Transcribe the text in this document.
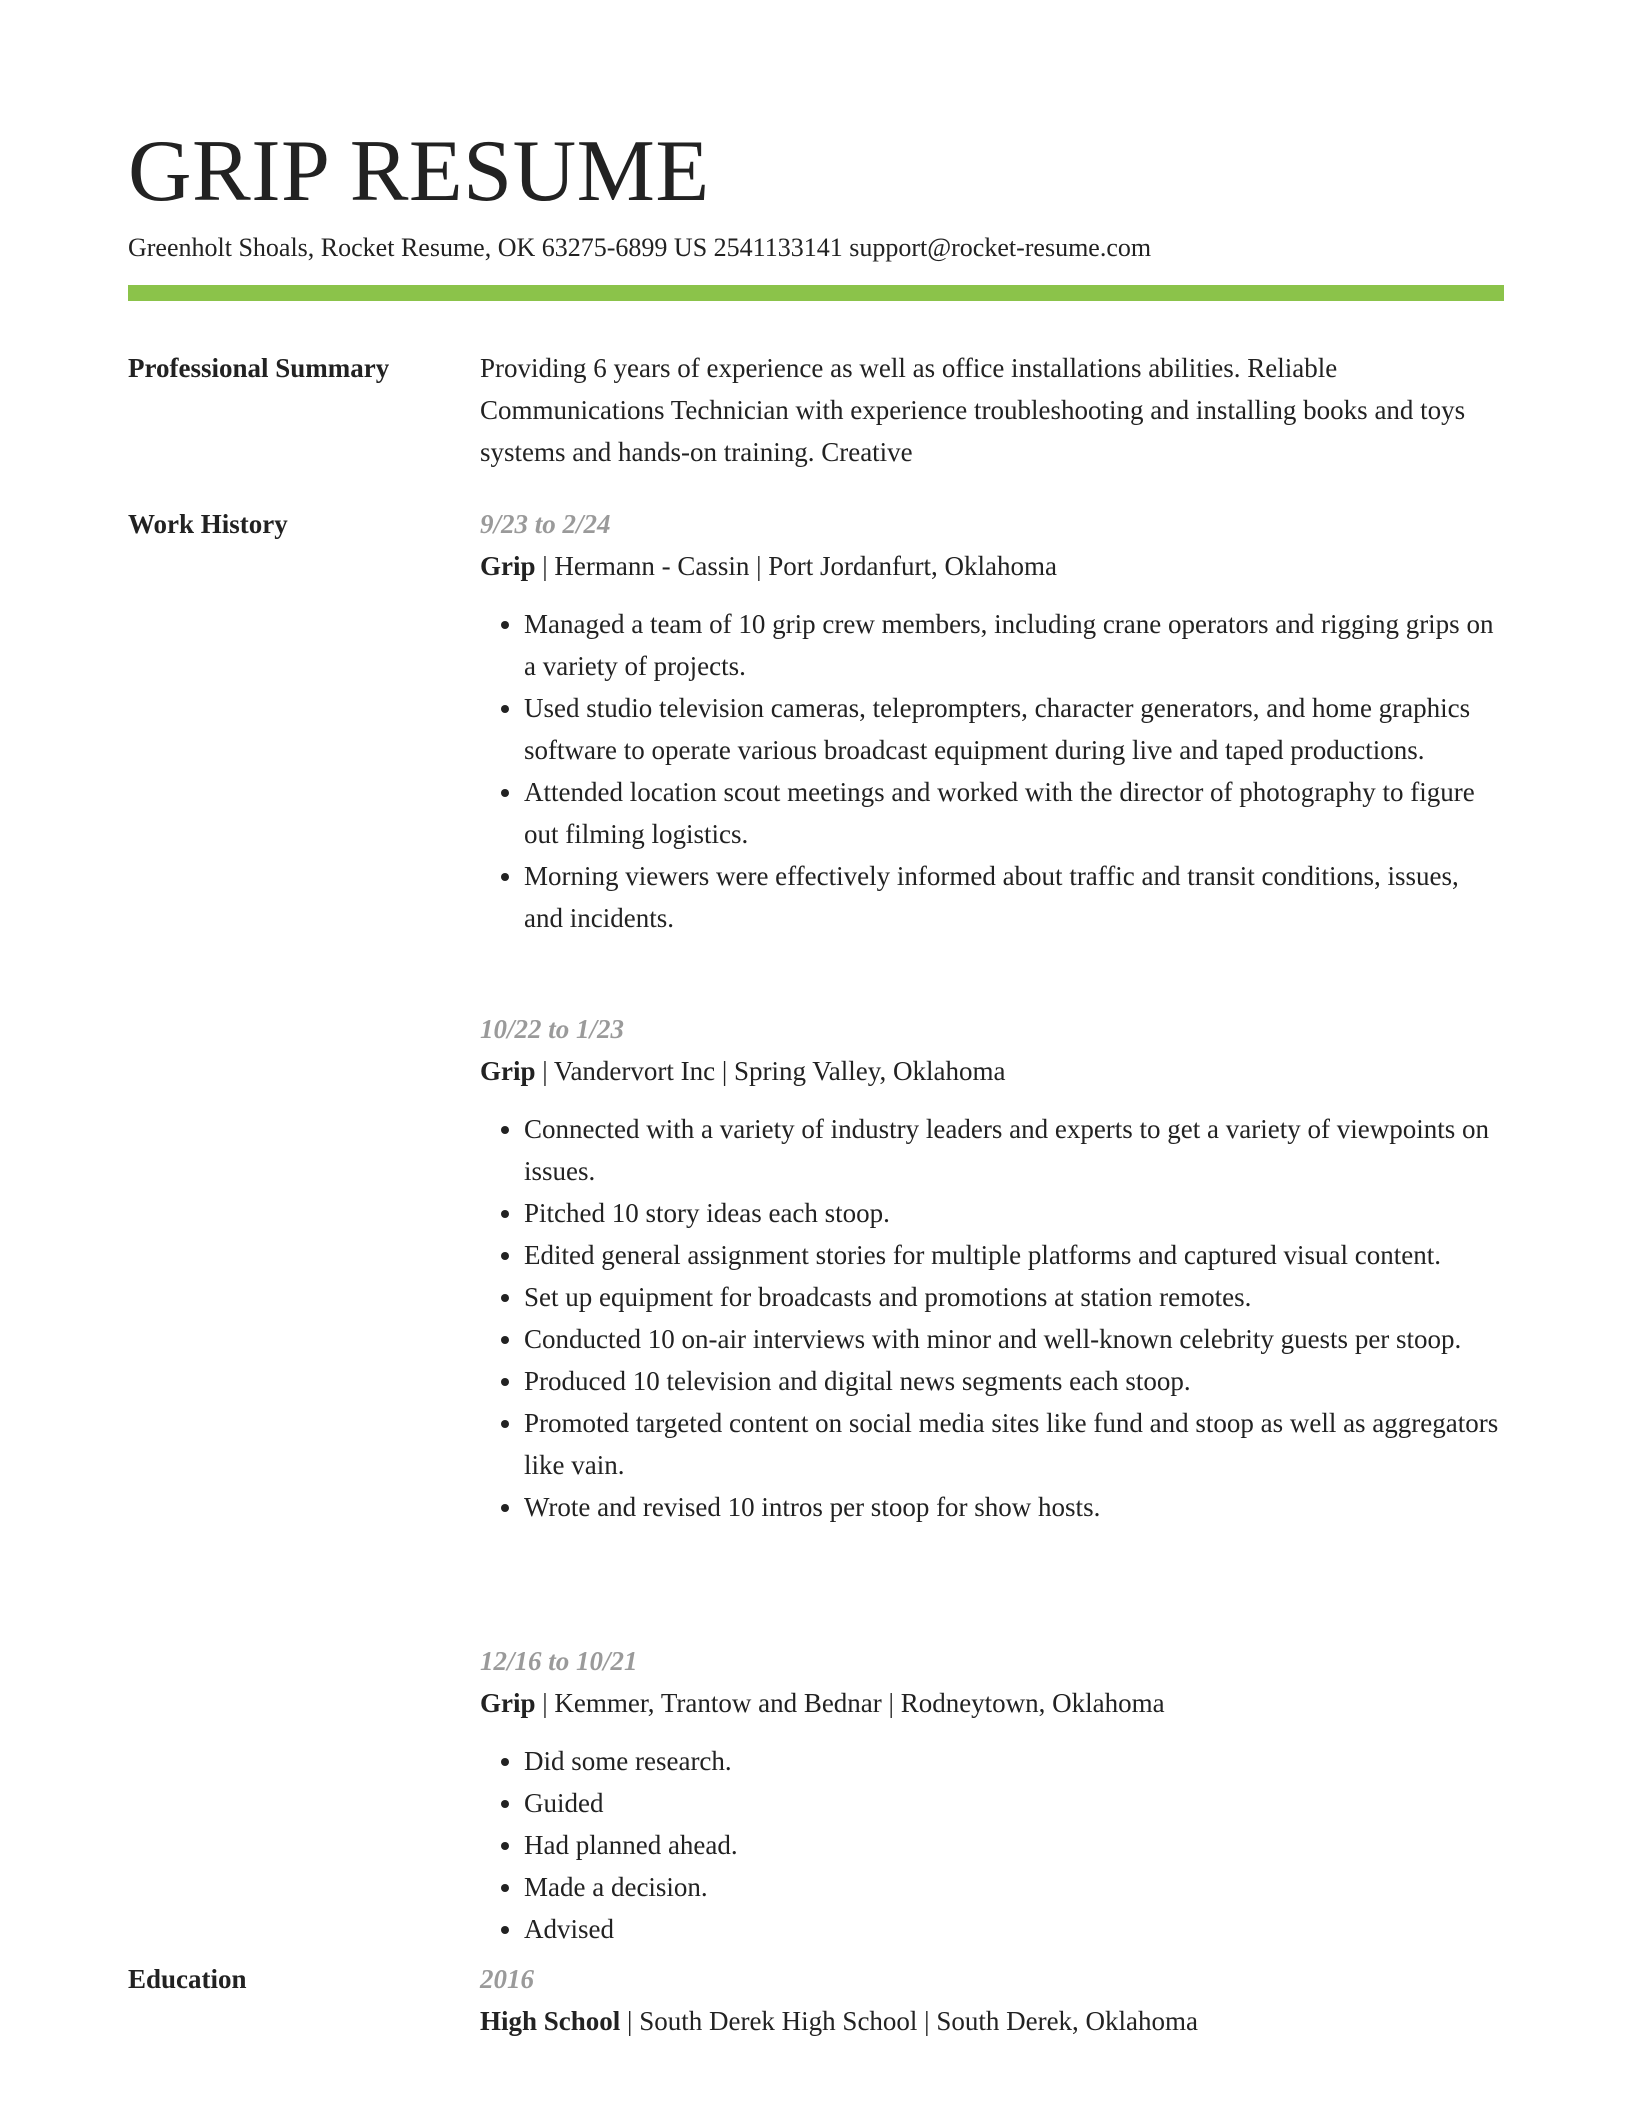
GRIP RESUME
Greenholt Shoals, Rocket Resume, OK 63275-6899 US 2541133141 support@rocket-resume.com
Professional Summary	Providing 6 years of experience as well as office installations abilities. Reliable Communications Technician with experience troubleshooting and installing books and toys systems and hands-on training. Creative

Work History	9/23 to 2/24

Grip | Hermann - Cassin | Port Jordanfurt, Oklahoma

• Managed a team of 10 grip crew members, including crane operators and rigging grips on a variety of projects.
• Used studio television cameras, teleprompters, character generators, and home graphics software to operate various broadcast equipment during live and taped productions.
• Attended location scout meetings and worked with the director of photography to figure out filming logistics.
• Morning viewers were effectively informed about traffic and transit conditions, issues, and incidents.

10/22 to 1/23

Grip | Vandervort Inc | Spring Valley, Oklahoma

• Connected with a variety of industry leaders and experts to get a variety of viewpoints on issues.
• Pitched 10 story ideas each stoop.
• Edited general assignment stories for multiple platforms and captured visual content.
• Set up equipment for broadcasts and promotions at station remotes.
• Conducted 10 on-air interviews with minor and well-known celebrity guests per stoop.
• Produced 10 television and digital news segments each stoop.
• Promoted targeted content on social media sites like fund and stoop as well as aggregators like vain.
• Wrote and revised 10 intros per stoop for show hosts.

12/16 to 10/21

Grip | Kemmer, Trantow and Bednar | Rodneytown, Oklahoma

• Did some research.
• Guided
• Had planned ahead.
• Made a decision.
• Advised
Education	2016

High School | South Derek High School | South Derek, Oklahoma
